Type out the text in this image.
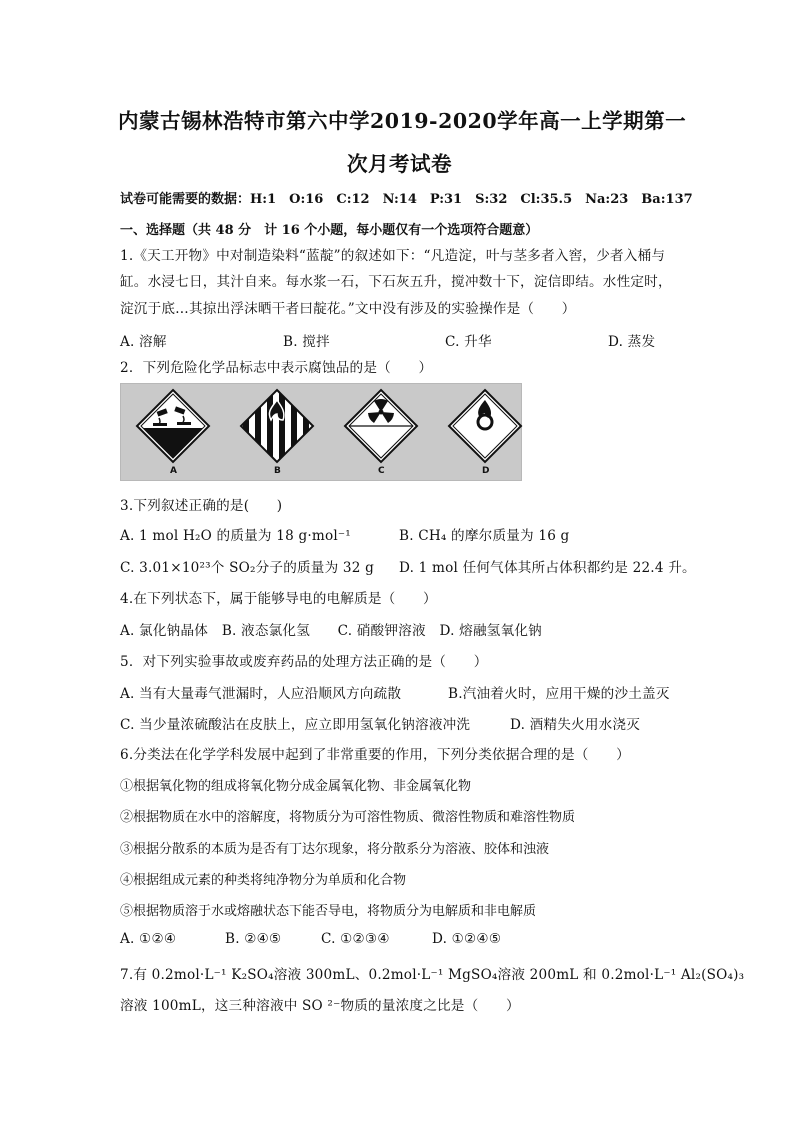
内蒙古锡林浩特市第六中学2019-2020学年高一上学期第一
次月考试卷
试卷可能需要的数据：H:1　O:16　C:12　N:14　P:31　S:32　Cl:35.5　Na:23　Ba:137
一、选择题（共 48 分　计 16 个小题，每小题仅有一个选项符合题意）
1.《天工开物》中对制造染料“蓝靛”的叙述如下：“凡造淀，叶与茎多者入窖，少者入桶与
缸。水浸七日，其汁自来。每水浆一石，下石灰五升，搅冲数十下，淀信即结。水性定时，
淀沉于底…其掠出浮沫晒干者曰靛花。”文中没有涉及的实验操作是（　　）
A. 溶解	B. 搅拌	C. 升华	D. 蒸发
2．下列危险化学品标志中表示腐蚀品的是（　　）
A	B	C	D
3.下列叙述正确的是(　　)
A. 1 mol H₂O 的质量为 18 g·mol⁻¹	B. CH₄ 的摩尔质量为 16 g
C. 3.01×10²³个 SO₂分子的质量为 32 g D. 1 mol 任何气体其所占体积都约是 22.4 升。
4.在下列状态下，属于能够导电的电解质是（　　）
A. 氯化钠晶体　B. 液态氯化氢　　C. 硝酸钾溶液　D. 熔融氢氧化钠
5．对下列实验事故或废弃药品的处理方法正确的是（　　）
A. 当有大量毒气泄漏时，人应沿顺风方向疏散	B.汽油着火时，应用干燥的沙土盖灭
C. 当少量浓硫酸沾在皮肤上，应立即用氢氧化钠溶液冲洗	D. 酒精失火用水浇灭
6.分类法在化学学科发展中起到了非常重要的作用，下列分类依据合理的是（　　）
①根据氧化物的组成将氧化物分成金属氧化物、非金属氧化物
②根据物质在水中的溶解度，将物质分为可溶性物质、微溶性物质和难溶性物质
③根据分散系的本质为是否有丁达尔现象，将分散系分为溶液、胶体和浊液
④根据组成元素的种类将纯净物分为单质和化合物
⑤根据物质溶于水或熔融状态下能否导电，将物质分为电解质和非电解质
A. ①②④	B. ②④⑤	C. ①②③④	D. ①②④⑤
7.有 0.2mol·L⁻¹ K₂SO₄溶液 300mL、0.2mol·L⁻¹ MgSO₄溶液 200mL 和 0.2mol·L⁻¹ Al₂(SO₄)₃
溶液 100mL，这三种溶液中 SO ²⁻物质的量浓度之比是（　　）
